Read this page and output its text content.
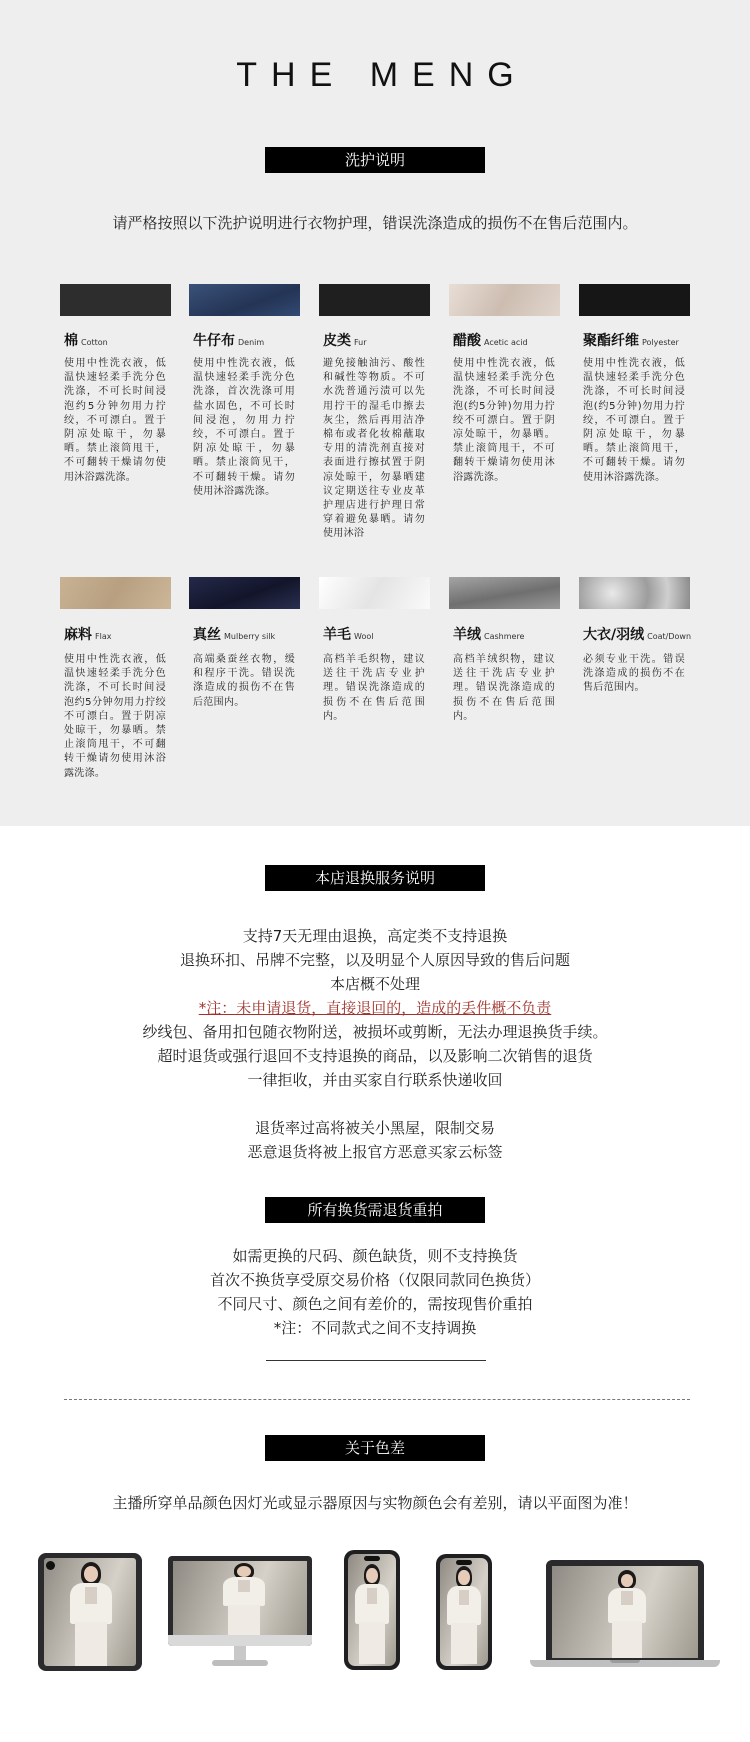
THE MENG
洗护说明
请严格按照以下洗护说明进行衣物护理，错误洗涤造成的损伤不在售后范围内。
棉 Cotton
使用中性洗衣液，低温快速轻柔手洗分色洗涤，不可长时间浸泡约5分钟勿用力拧绞，不可漂白。置于阴凉处晾干，勿暴晒。禁止滚筒甩干，不可翻转干燥请勿使用沐浴露洗涤。
牛仔布 Denim
使用中性洗衣液，低温快速轻柔手洗分色洗涤，首次洗涤可用盐水固色，不可长时间浸泡，勿用力拧绞，不可漂白。置于阴凉处晾干，勿暴晒。禁止滚筒见干，不可翻转干燥。请勿使用沐浴露洗涤。
皮类 Fur
避免接触油污、酸性和碱性等物质。不可水洗普通污渍可以先用拧干的湿毛巾擦去灰尘，然后再用洁净棉布或者化妆棉蘸取专用的清洗剂直接对表面进行擦拭置于阴凉处晾干，勿暴晒建议定期送往专业皮革护理店进行护理日常穿着避免暴晒。请勿使用沐浴
醋酸 Acetic acid
使用中性洗衣液，低温快速轻柔手洗分色洗涤，不可长时间浸泡(约5分钟)勿用力拧绞不可漂白。置于阴凉处晾干，勿暴晒。禁止滚筒甩干，不可翻转干燥请勿使用沐浴露洗涤。
聚酯纤维 Polyester
使用中性洗衣液，低温快速轻柔手洗分色洗涤，不可长时间浸泡(约5分钟)勿用力拧绞，不可漂白。置于阴凉处晾干，勿暴晒。禁止滚筒甩干，不可翻转干燥。请勿使用沐浴露洗涤。
麻料 Flax
使用中性洗衣液，低温快速轻柔手洗分色洗涤，不可长时间浸泡约5分钟勿用力拧绞不可漂白。置于阴凉处晾干，勿暴晒。禁止滚筒甩干，不可翻转干燥请勿使用沐浴露洗涤。
真丝 Mulberry silk
高端桑蚕丝衣物，缓和程序干洗。错误洗涤造成的损伤不在售后范围内。
羊毛 Wool
高档羊毛织物，建议送往干洗店专业护理。错误洗涤造成的损伤不在售后范围内。
羊绒 Cashmere
高档羊绒织物，建议送往干洗店专业护理。错误洗涤造成的损伤不在售后范围内。
大衣/羽绒 Coat/Down
必须专业干洗。错误洗涤造成的损伤不在售后范围内。
本店退换服务说明
支持7天无理由退换，高定类不支持退换
退换环扣、吊牌不完整，以及明显个人原因导致的售后问题
本店概不处理
*注：未申请退货，直接退回的，造成的丢件概不负责
纱线包、备用扣包随衣物附送，被损坏或剪断，无法办理退换货手续。
超时退货或强行退回不支持退换的商品，以及影响二次销售的退货
一律拒收，并由买家自行联系快递收回
退货率过高将被关小黑屋，限制交易
恶意退货将被上报官方恶意买家云标签
所有换货需退货重拍
如需更换的尺码、颜色缺货，则不支持换货
首次不换货享受原交易价格（仅限同款同色换货）
不同尺寸、颜色之间有差价的，需按现售价重拍
*注：不同款式之间不支持调换
关于色差
主播所穿单品颜色因灯光或显示器原因与实物颜色会有差别，请以平面图为准！
